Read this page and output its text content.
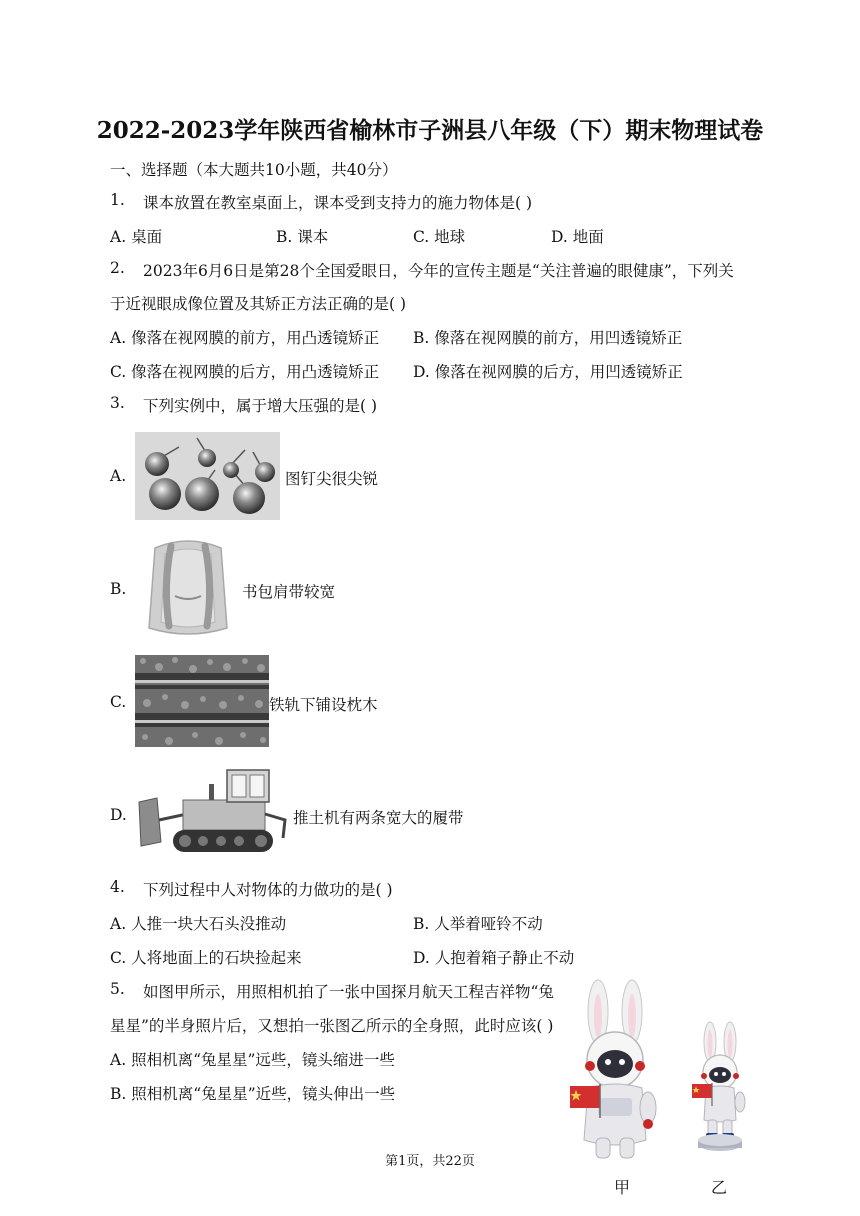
2022-2023学年陕西省榆林市子洲县八年级（下）期末物理试卷
一、选择题（本大题共10小题，共40分）
1. 课本放置在教室桌面上，课本受到支持力的施力物体是( )
A. 桌面	B. 课本	C. 地球	D. 地面
2. 2023年6月6日是第28个全国爱眼日，今年的宣传主题是“关注普遍的眼健康”，下列关
于近视眼成像位置及其矫正方法正确的是( )
A. 像落在视网膜的前方，用凸透镜矫正 B. 像落在视网膜的前方，用凹透镜矫正
C. 像落在视网膜的后方，用凸透镜矫正 D. 像落在视网膜的后方，用凹透镜矫正
3. 下列实例中，属于增大压强的是( )
A.	图钉尖很尖锐
B.	书包肩带较宽
C.	铁轨下铺设枕木
D.	推土机有两条宽大的履带
4. 下列过程中人对物体的力做功的是( )
A. 人推一块大石头没推动	B. 人举着哑铃不动
C. 人将地面上的石块捡起来	D. 人抱着箱子静止不动
5. 如图甲所示，用照相机拍了一张中国探月航天工程吉祥物“兔
星星”的半身照片后，又想拍一张图乙所示的全身照，此时应该( )
A. 照相机离“兔星星”远些，镜头缩进一些
B. 照相机离“兔星星”近些，镜头伸出一些
甲	乙
第1页，共22页
